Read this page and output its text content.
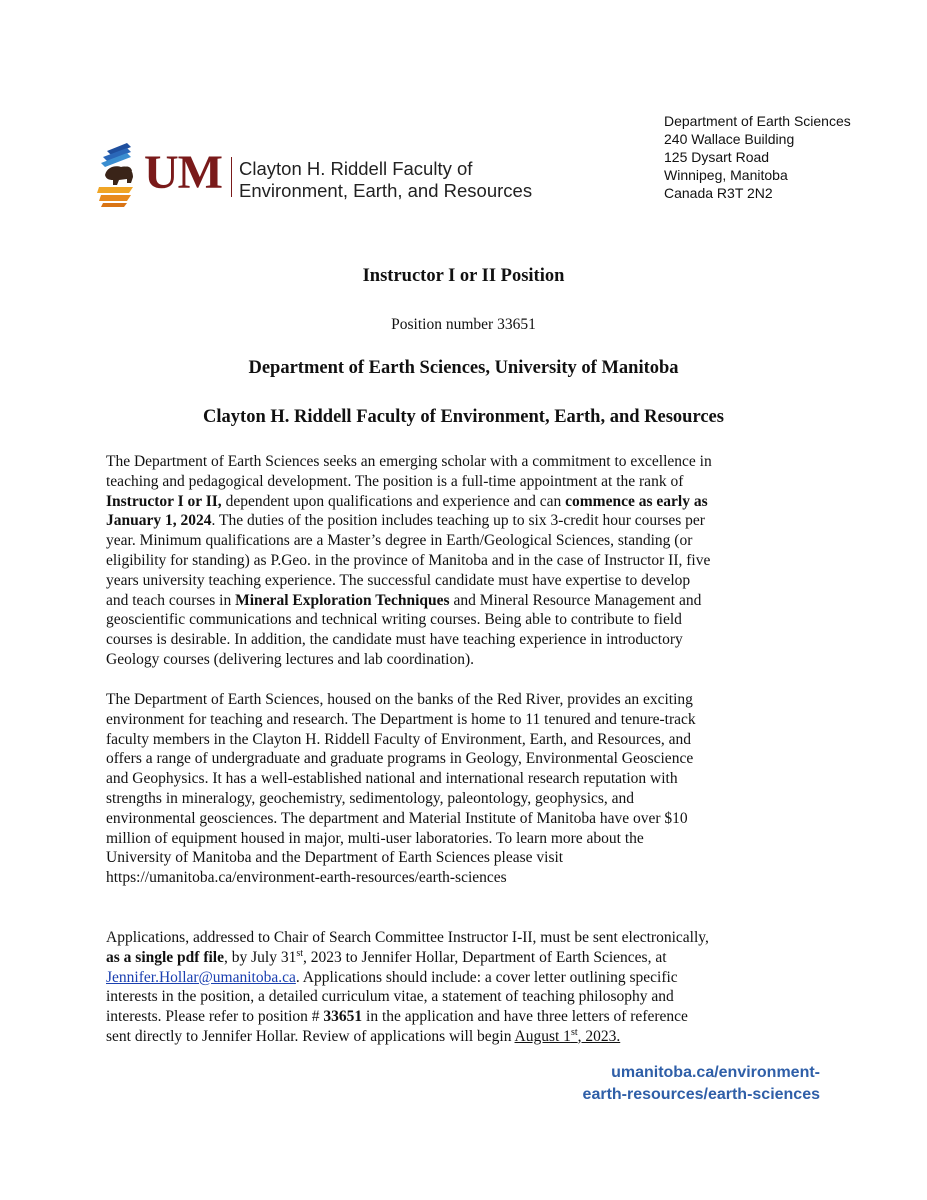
UM Clayton H. Riddell Faculty of
Environment, Earth, and Resources
Department of Earth Sciences
240 Wallace Building
125 Dysart Road
Winnipeg, Manitoba
Canada R3T 2N2
Instructor I or II Position
Position number 33651
Department of Earth Sciences, University of Manitoba
Clayton H. Riddell Faculty of Environment, Earth, and Resources

The Department of Earth Sciences seeks an emerging scholar with a commitment to excellence in

teaching and pedagogical development. The position is a full-time appointment at the rank of

Instructor I or II, dependent upon qualifications and experience and can commence as early as

January 1, 2024. The duties of the position includes teaching up to six 3-credit hour courses per

year. Minimum qualifications are a Master’s degree in Earth/Geological Sciences, standing (or

eligibility for standing) as P.Geo. in the province of Manitoba and in the case of Instructor II, five

years university teaching experience. The successful candidate must have expertise to develop

and teach courses in Mineral Exploration Techniques and Mineral Resource Management and

geoscientific communications and technical writing courses. Being able to contribute to field

courses is desirable. In addition, the candidate must have teaching experience in introductory

Geology courses (delivering lectures and lab coordination).

The Department of Earth Sciences, housed on the banks of the Red River, provides an exciting

environment for teaching and research. The Department is home to 11 tenured and tenure-track

faculty members in the Clayton H. Riddell Faculty of Environment, Earth, and Resources, and

offers a range of undergraduate and graduate programs in Geology, Environmental Geoscience

and Geophysics. It has a well-established national and international research reputation with

strengths in mineralogy, geochemistry, sedimentology, paleontology, geophysics, and

environmental geosciences. The department and Material Institute of Manitoba have over $10

million of equipment housed in major, multi-user laboratories. To learn more about the

University of Manitoba and the Department of Earth Sciences please visit

https://umanitoba.ca/environment-earth-resources/earth-sciences

Applications, addressed to Chair of Search Committee Instructor I-II, must be sent electronically,

as a single pdf file, by July 31st, 2023 to Jennifer Hollar, Department of Earth Sciences, at

Jennifer.Hollar@umanitoba.ca. Applications should include: a cover letter outlining specific

interests in the position, a detailed curriculum vitae, a statement of teaching philosophy and

interests. Please refer to position # 33651 in the application and have three letters of reference

sent directly to Jennifer Hollar. Review of applications will begin August 1st, 2023.

umanitoba.ca/environment-
earth-resources/earth-sciences
